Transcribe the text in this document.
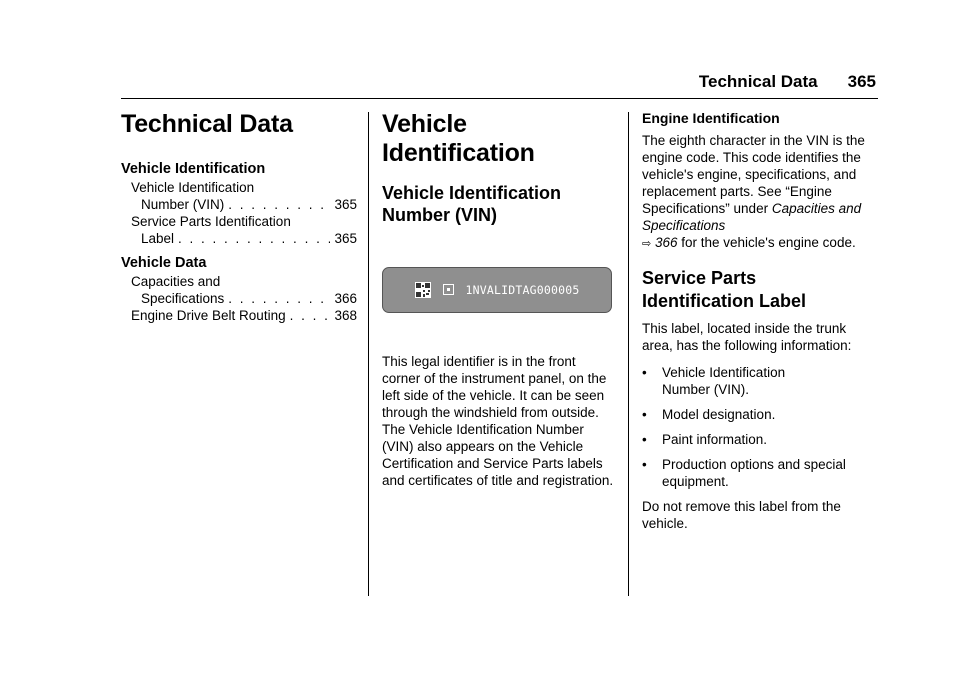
Technical Data 365
Technical Data
Vehicle Identification
Vehicle Identification
Number (VIN) . . .	365
Service Parts Identification
Label . . .	365
Vehicle Data
Capacities and
Specifications . . .	366
Engine Drive Belt Routing . . .	368
Vehicle Identification
Vehicle Identification
Number (VIN)
1NVALIDTAG000005

This legal identifier is in the front corner of the instrument panel, on the left side of the vehicle. It can be seen through the windshield from outside. The Vehicle Identification Number (VIN) also appears on the Vehicle Certification and Service Parts labels and certificates of title and registration.

Engine Identification

The eighth character in the VIN is the engine code. This code identifies the vehicle's engine, specifications, and replacement parts. See “Engine Specifications” under Capacities and Specifications
⇨ 366 for the vehicle's engine code.

Service Parts
Identification Label

This label, located inside the trunk area, has the following information:

•	Vehicle Identification Number (VIN).
•	Model designation.
•	Paint information.
•	Production options and special equipment.

Do not remove this label from the vehicle.
